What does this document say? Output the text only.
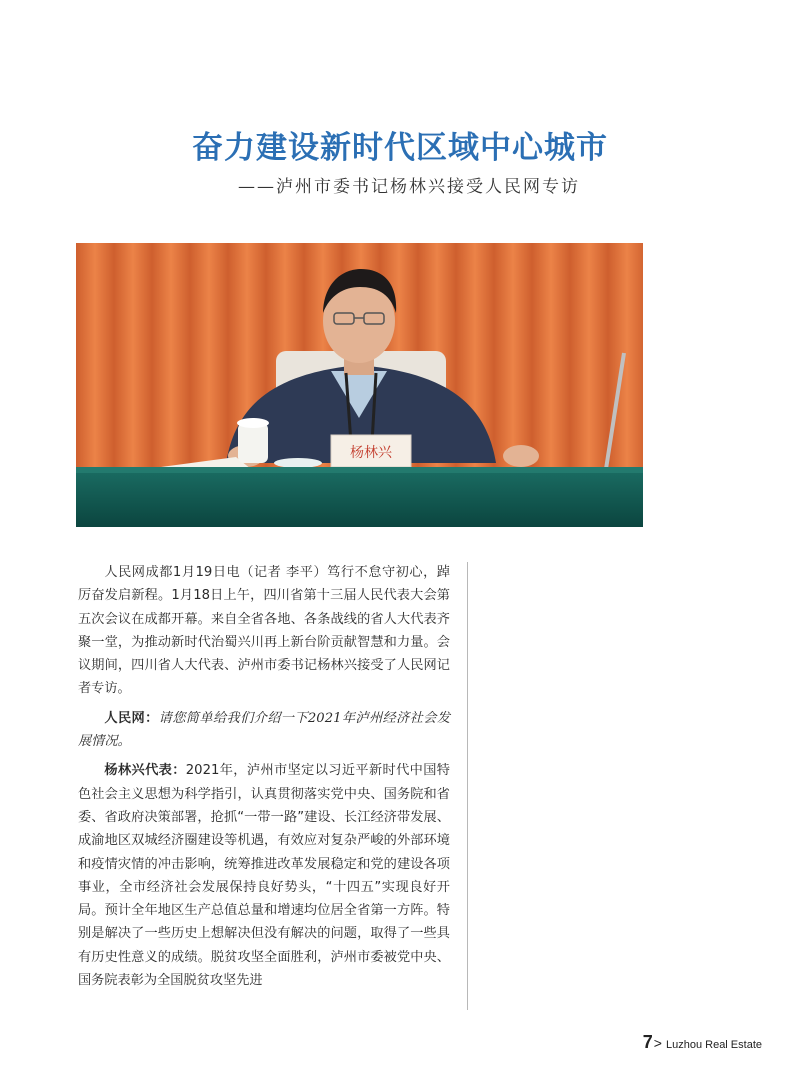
奋力建设新时代区域中心城市
——泸州市委书记杨林兴接受人民网专访
杨林兴

人民网成都1月19日电（记者 李平）笃行不怠守初心，踔厉奋发启新程。1月18日上午，四川省第十三届人民代表大会第五次会议在成都开幕。来自全省各地、各条战线的省人大代表齐聚一堂，为推动新时代治蜀兴川再上新台阶贡献智慧和力量。会议期间，四川省人大代表、泸州市委书记杨林兴接受了人民网记者专访。

人民网：请您简单给我们介绍一下2021年泸州经济社会发展情况。

杨林兴代表：2021年，泸州市坚定以习近平新时代中国特色社会主义思想为科学指引，认真贯彻落实党中央、国务院和省委、省政府决策部署，抢抓“一带一路”建设、长江经济带发展、成渝地区双城经济圈建设等机遇，有效应对复杂严峻的外部环境和疫情灾情的冲击影响，统筹推进改革发展稳定和党的建设各项事业，全市经济社会发展保持良好势头，“十四五”实现良好开局。预计全年地区生产总值总量和增速均位居全省第一方阵。特别是解决了一些历史上想解决但没有解决的问题，取得了一些具有历史性意义的成绩。脱贫攻坚全面胜利，泸州市委被党中央、国务院表彰为全国脱贫攻坚先进

7 > Luzhou Real Estate
